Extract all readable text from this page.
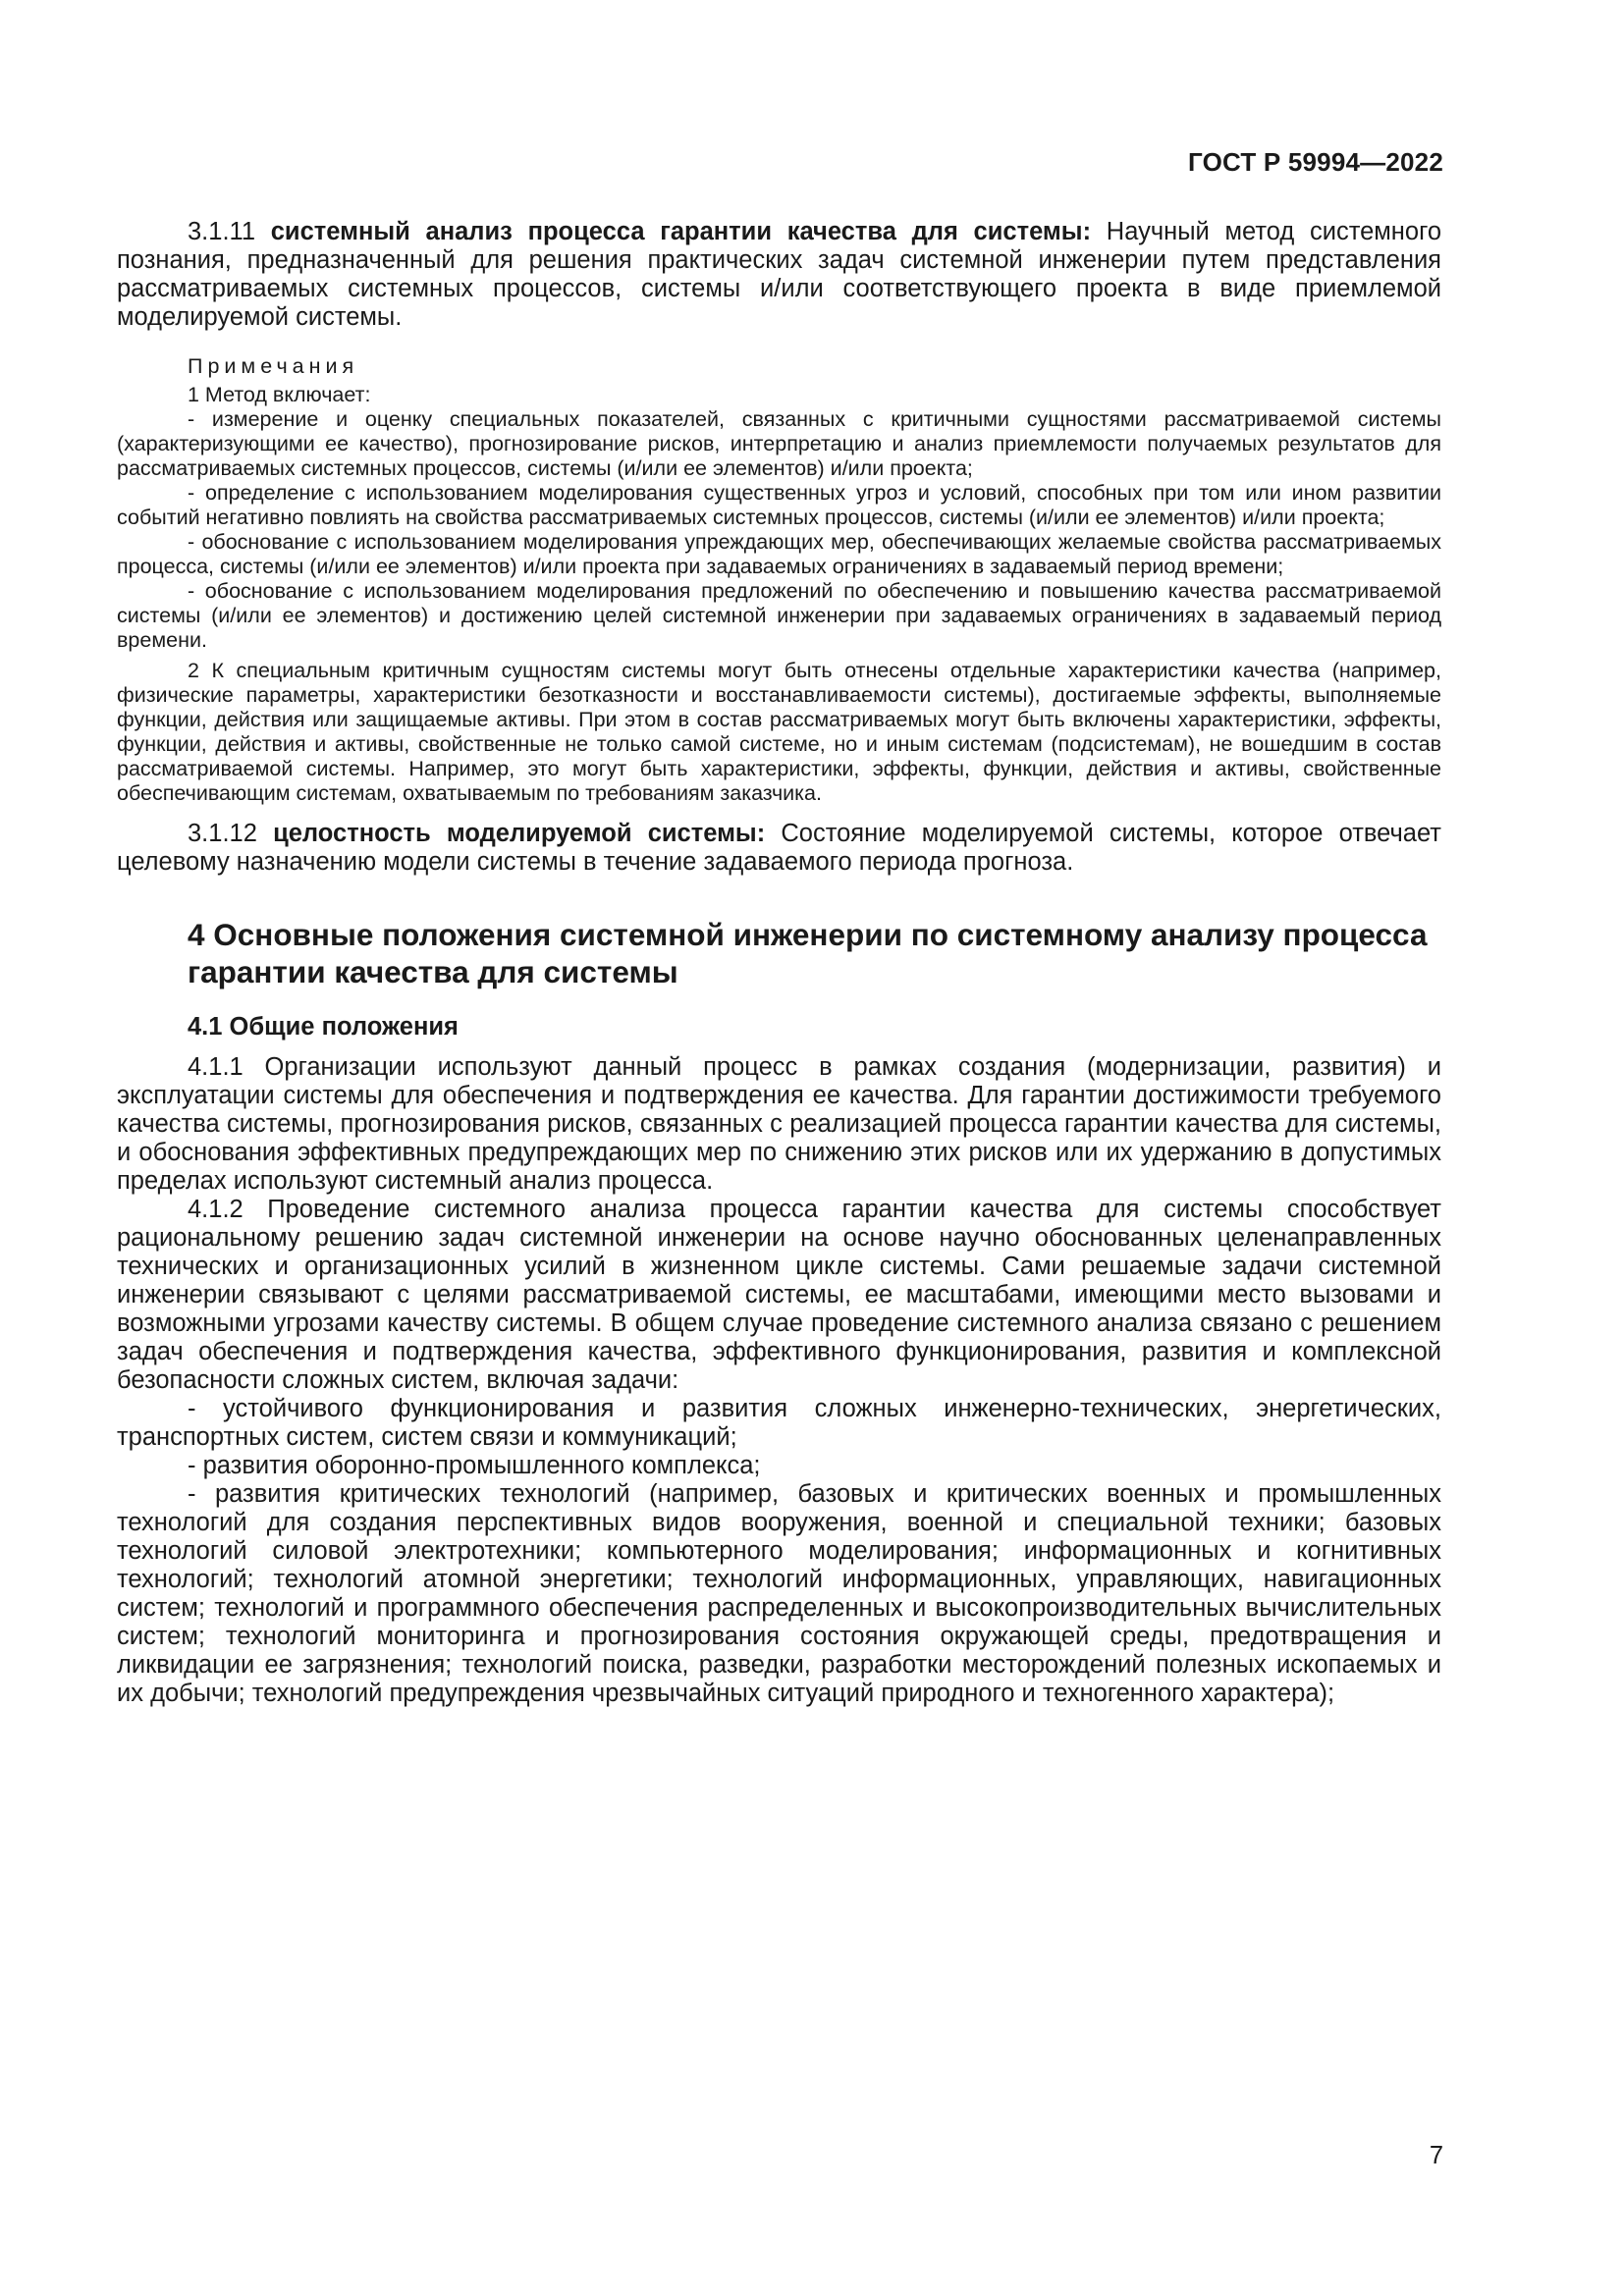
ГОСТ Р 59994—2022

3.1.11 системный анализ процесса гарантии качества для системы: Научный метод системного познания, предназначенный для решения практических задач системной инженерии путем представления рассматриваемых системных процессов, системы и/или соответствующего проекта в виде приемлемой моделируемой системы.

Примечания

1 Метод включает:

- измерение и оценку специальных показателей, связанных с критичными сущностями рассматриваемой системы (характеризующими ее качество), прогнозирование рисков, интерпретацию и анализ приемлемости получаемых результатов для рассматриваемых системных процессов, системы (и/или ее элементов) и/или проекта;

- определение с использованием моделирования существенных угроз и условий, способных при том или ином развитии событий негативно повлиять на свойства рассматриваемых системных процессов, системы (и/или ее элементов) и/или проекта;

- обоснование с использованием моделирования упреждающих мер, обеспечивающих желаемые свойства рассматриваемых процесса, системы (и/или ее элементов) и/или проекта при задаваемых ограничениях в задаваемый период времени;

- обоснование с использованием моделирования предложений по обеспечению и повышению качества рассматриваемой системы (и/или ее элементов) и достижению целей системной инженерии при задаваемых ограничениях в задаваемый период времени.

2 К специальным критичным сущностям системы могут быть отнесены отдельные характеристики качества (например, физические параметры, характеристики безотказности и восстанавливаемости системы), достигаемые эффекты, выполняемые функции, действия или защищаемые активы. При этом в состав рассматриваемых могут быть включены характеристики, эффекты, функции, действия и активы, свойственные не только самой системе, но и иным системам (подсистемам), не вошедшим в состав рассматриваемой системы. Например, это могут быть характеристики, эффекты, функции, действия и активы, свойственные обеспечивающим системам, охватываемым по требованиям заказчика.

3.1.12 целостность моделируемой системы: Состояние моделируемой системы, которое отвечает целевому назначению модели системы в течение задаваемого периода прогноза.

4 Основные положения системной инженерии по системному анализу процесса гарантии качества для системы
4.1 Общие положения

4.1.1 Организации используют данный процесс в рамках создания (модернизации, развития) и эксплуатации системы для обеспечения и подтверждения ее качества. Для гарантии достижимости требуемого качества системы, прогнозирования рисков, связанных с реализацией процесса гарантии качества для системы, и обоснования эффективных предупреждающих мер по снижению этих рисков или их удержанию в допустимых пределах используют системный анализ процесса.

4.1.2 Проведение системного анализа процесса гарантии качества для системы способствует рациональному решению задач системной инженерии на основе научно обоснованных целенаправленных технических и организационных усилий в жизненном цикле системы. Сами решаемые задачи системной инженерии связывают с целями рассматриваемой системы, ее масштабами, имеющими место вызовами и возможными угрозами качеству системы. В общем случае проведение системного анализа связано с решением задач обеспечения и подтверждения качества, эффективного функционирования, развития и комплексной безопасности сложных систем, включая задачи:

- устойчивого функционирования и развития сложных инженерно-технических, энергетических, транспортных систем, систем связи и коммуникаций;

- развития оборонно-промышленного комплекса;

- развития критических технологий (например, базовых и критических военных и промышленных технологий для создания перспективных видов вооружения, военной и специальной техники; базовых технологий силовой электротехники; компьютерного моделирования; информационных и когнитивных технологий; технологий атомной энергетики; технологий информационных, управляющих, навигационных систем; технологий и программного обеспечения распределенных и высокопроизводительных вычислительных систем; технологий мониторинга и прогнозирования состояния окружающей среды, предотвращения и ликвидации ее загрязнения; технологий поиска, разведки, разработки месторождений полезных ископаемых и их добычи; технологий предупреждения чрезвычайных ситуаций природного и техногенного характера);

7
